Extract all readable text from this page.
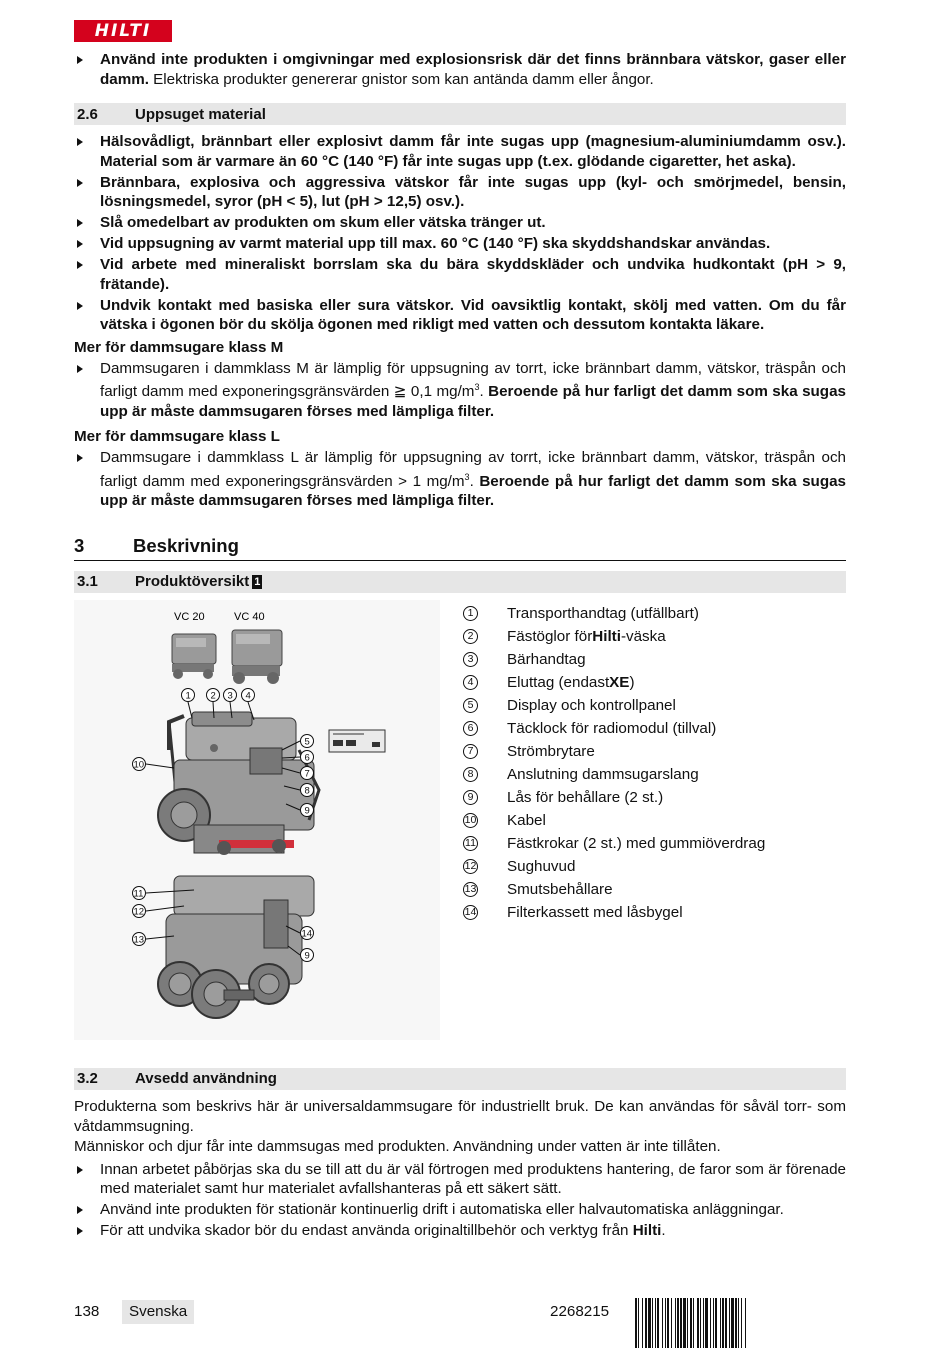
HILTI
Använd inte produkten i omgivningar med explosionsrisk där det finns brännbara vätskor, gaser eller damm. Elektriska produkter genererar gnistor som kan antända damm eller ångor.
2.6	Uppsuget material
Hälsovådligt, brännbart eller explosivt damm får inte sugas upp (magnesium-aluminiumdamm osv.). Material som är varmare än 60 °C (140 °F) får inte sugas upp (t.ex. glödande cigaretter, het aska).
Brännbara, explosiva och aggressiva vätskor får inte sugas upp (kyl- och smörjmedel, bensin, lösningsmedel, syror (pH < 5), lut (pH > 12,5) osv.).
Slå omedelbart av produkten om skum eller vätska tränger ut.
Vid uppsugning av varmt material upp till max. 60 °C (140 °F) ska skyddshandskar användas.
Vid arbete med mineraliskt borrslam ska du bära skyddskläder och undvika hudkontakt (pH > 9, frätande).
Undvik kontakt med basiska eller sura vätskor. Vid oavsiktlig kontakt, skölj med vatten. Om du får vätska i ögonen bör du skölja ögonen med rikligt med vatten och dessutom kontakta läkare.
Mer för dammsugare klass M
Dammsugaren i dammklass M är lämplig för uppsugning av torrt, icke brännbart damm, vätskor, träspån och farligt damm med exponeringsgränsvärden ≧ 0,1 $mg/m^3$. Beroende på hur farligt det damm som ska sugas upp är måste dammsugaren förses med lämpliga filter.
Mer för dammsugare klass L
Dammsugare i dammklass L är lämplig för uppsugning av torrt, icke brännbart damm, vätskor, träspån och farligt damm med exponeringsgränsvärden > 1 $mg/m^3$. Beroende på hur farligt det damm som ska sugas upp är måste dammsugaren förses med lämpliga filter.
3	Beskrivning
3.1	Produktöversikt 1
VC 20	VC 40
1 2 3 4
5
6
7
8
9
10
11
12
13
14
9
1	Transporthandtag (utfällbart)
2	Fästöglor för Hilti -väska
3	Bärhandtag
4	Eluttag (endast XE )
5	Display och kontrollpanel
6	Täcklock för radiomodul (tillval)
7	Strömbrytare
8	Anslutning dammsugarslang
9	Lås för behållare (2 st.)
10 Kabel
11 Fästkrokar (2 st.) med gummiöverdrag
12 Sughuvud
13 Smutsbehållare
14 Filterkassett med låsbygel
3.2	Avsedd användning
Produkterna som beskrivs här är universaldammsugare för industriellt bruk. De kan användas för såväl torr- som våtdammsugning.
Människor och djur får inte dammsugas med produkten. Användning under vatten är inte tillåten.
Innan arbetet påbörjas ska du se till att du är väl förtrogen med produktens hantering, de faror som är förenade med materialet samt hur materialet avfallshanteras på ett säkert sätt.
Använd inte produkten för stationär kontinuerlig drift i automatiska eller halvautomatiska anläggningar.
För att undvika skador bör du endast använda originaltillbehör och verktyg från Hilti.
138	Svenska	2268215
